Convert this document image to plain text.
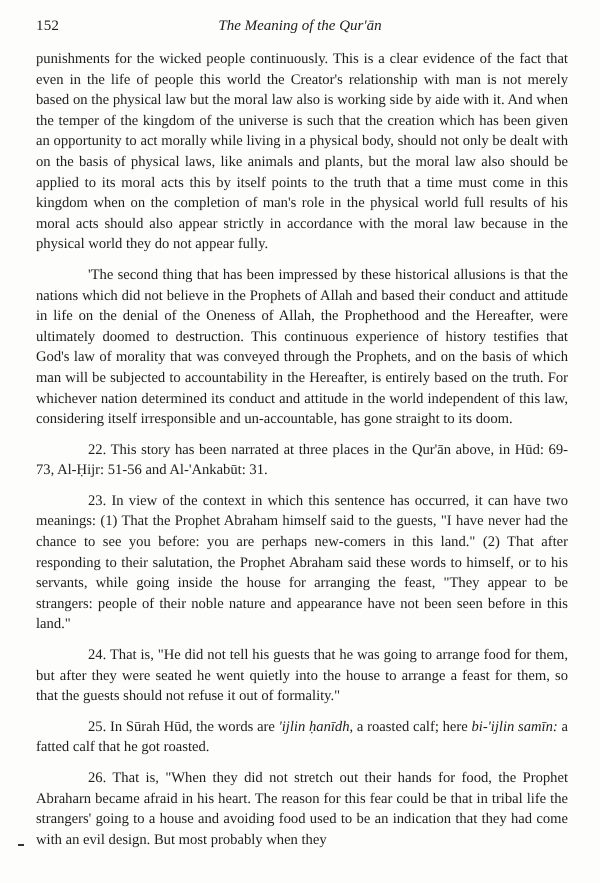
152	The Meaning of the Qur'ān

punishments for the wicked people continuously. This is a clear evidence of the fact that even in the life of people this world the Creator's relationship with man is not merely based on the physical law but the moral law also is working side by aide with it. And when the temper of the kingdom of the universe is such that the creation which has been given an opportunity to act morally while living in a physical body, should not only be dealt with on the basis of physical laws, like animals and plants, but the moral law also should be applied to its moral acts this by itself points to the truth that a time must come in this kingdom when on the completion of man's role in the physical world full results of his moral acts should also appear strictly in accordance with the moral law because in the physical world they do not appear fully.

'The second thing that has been impressed by these historical allusions is that the nations which did not believe in the Prophets of Allah and based their conduct and attitude in life on the denial of the Oneness of Allah, the Prophethood and the Hereafter, were ultimately doomed to destruction. This continuous experience of history testifies that God's law of morality that was conveyed through the Prophets, and on the basis of which man will be subjected to accountability in the Hereafter, is entirely based on the truth. For whichever nation determined its conduct and attitude in the world independent of this law, considering itself irresponsible and un-accountable, has gone straight to its doom.

22. This story has been narrated at three places in the Qur'ān above, in Hūd: 69-73, Al-Ḥijr: 51-56 and Al-'Ankabūt: 31.

23. In view of the context in which this sentence has occurred, it can have two meanings: (1) That the Prophet Abraham himself said to the guests, "I have never had the chance to see you before: you are perhaps new-comers in this land." (2) That after responding to their salutation, the Prophet Abraham said these words to himself, or to his servants, while going inside the house for arranging the feast, "They appear to be strangers: people of their noble nature and appearance have not been seen before in this land."

24. That is, "He did not tell his guests that he was going to arrange food for them, but after they were seated he went quietly into the house to arrange a feast for them, so that the guests should not refuse it out of formality."

25. In Sūrah Hūd, the words are 'ijlin ḥanīdh, a roasted calf; here bi-'ijlin samīn: a fatted calf that he got roasted.

26. That is, "When they did not stretch out their hands for food, the Prophet Abraharn became afraid in his heart. The reason for this fear could be that in tribal life the strangers' going to a house and avoiding food used to be an indication that they had come with an evil design. But most probably when they
